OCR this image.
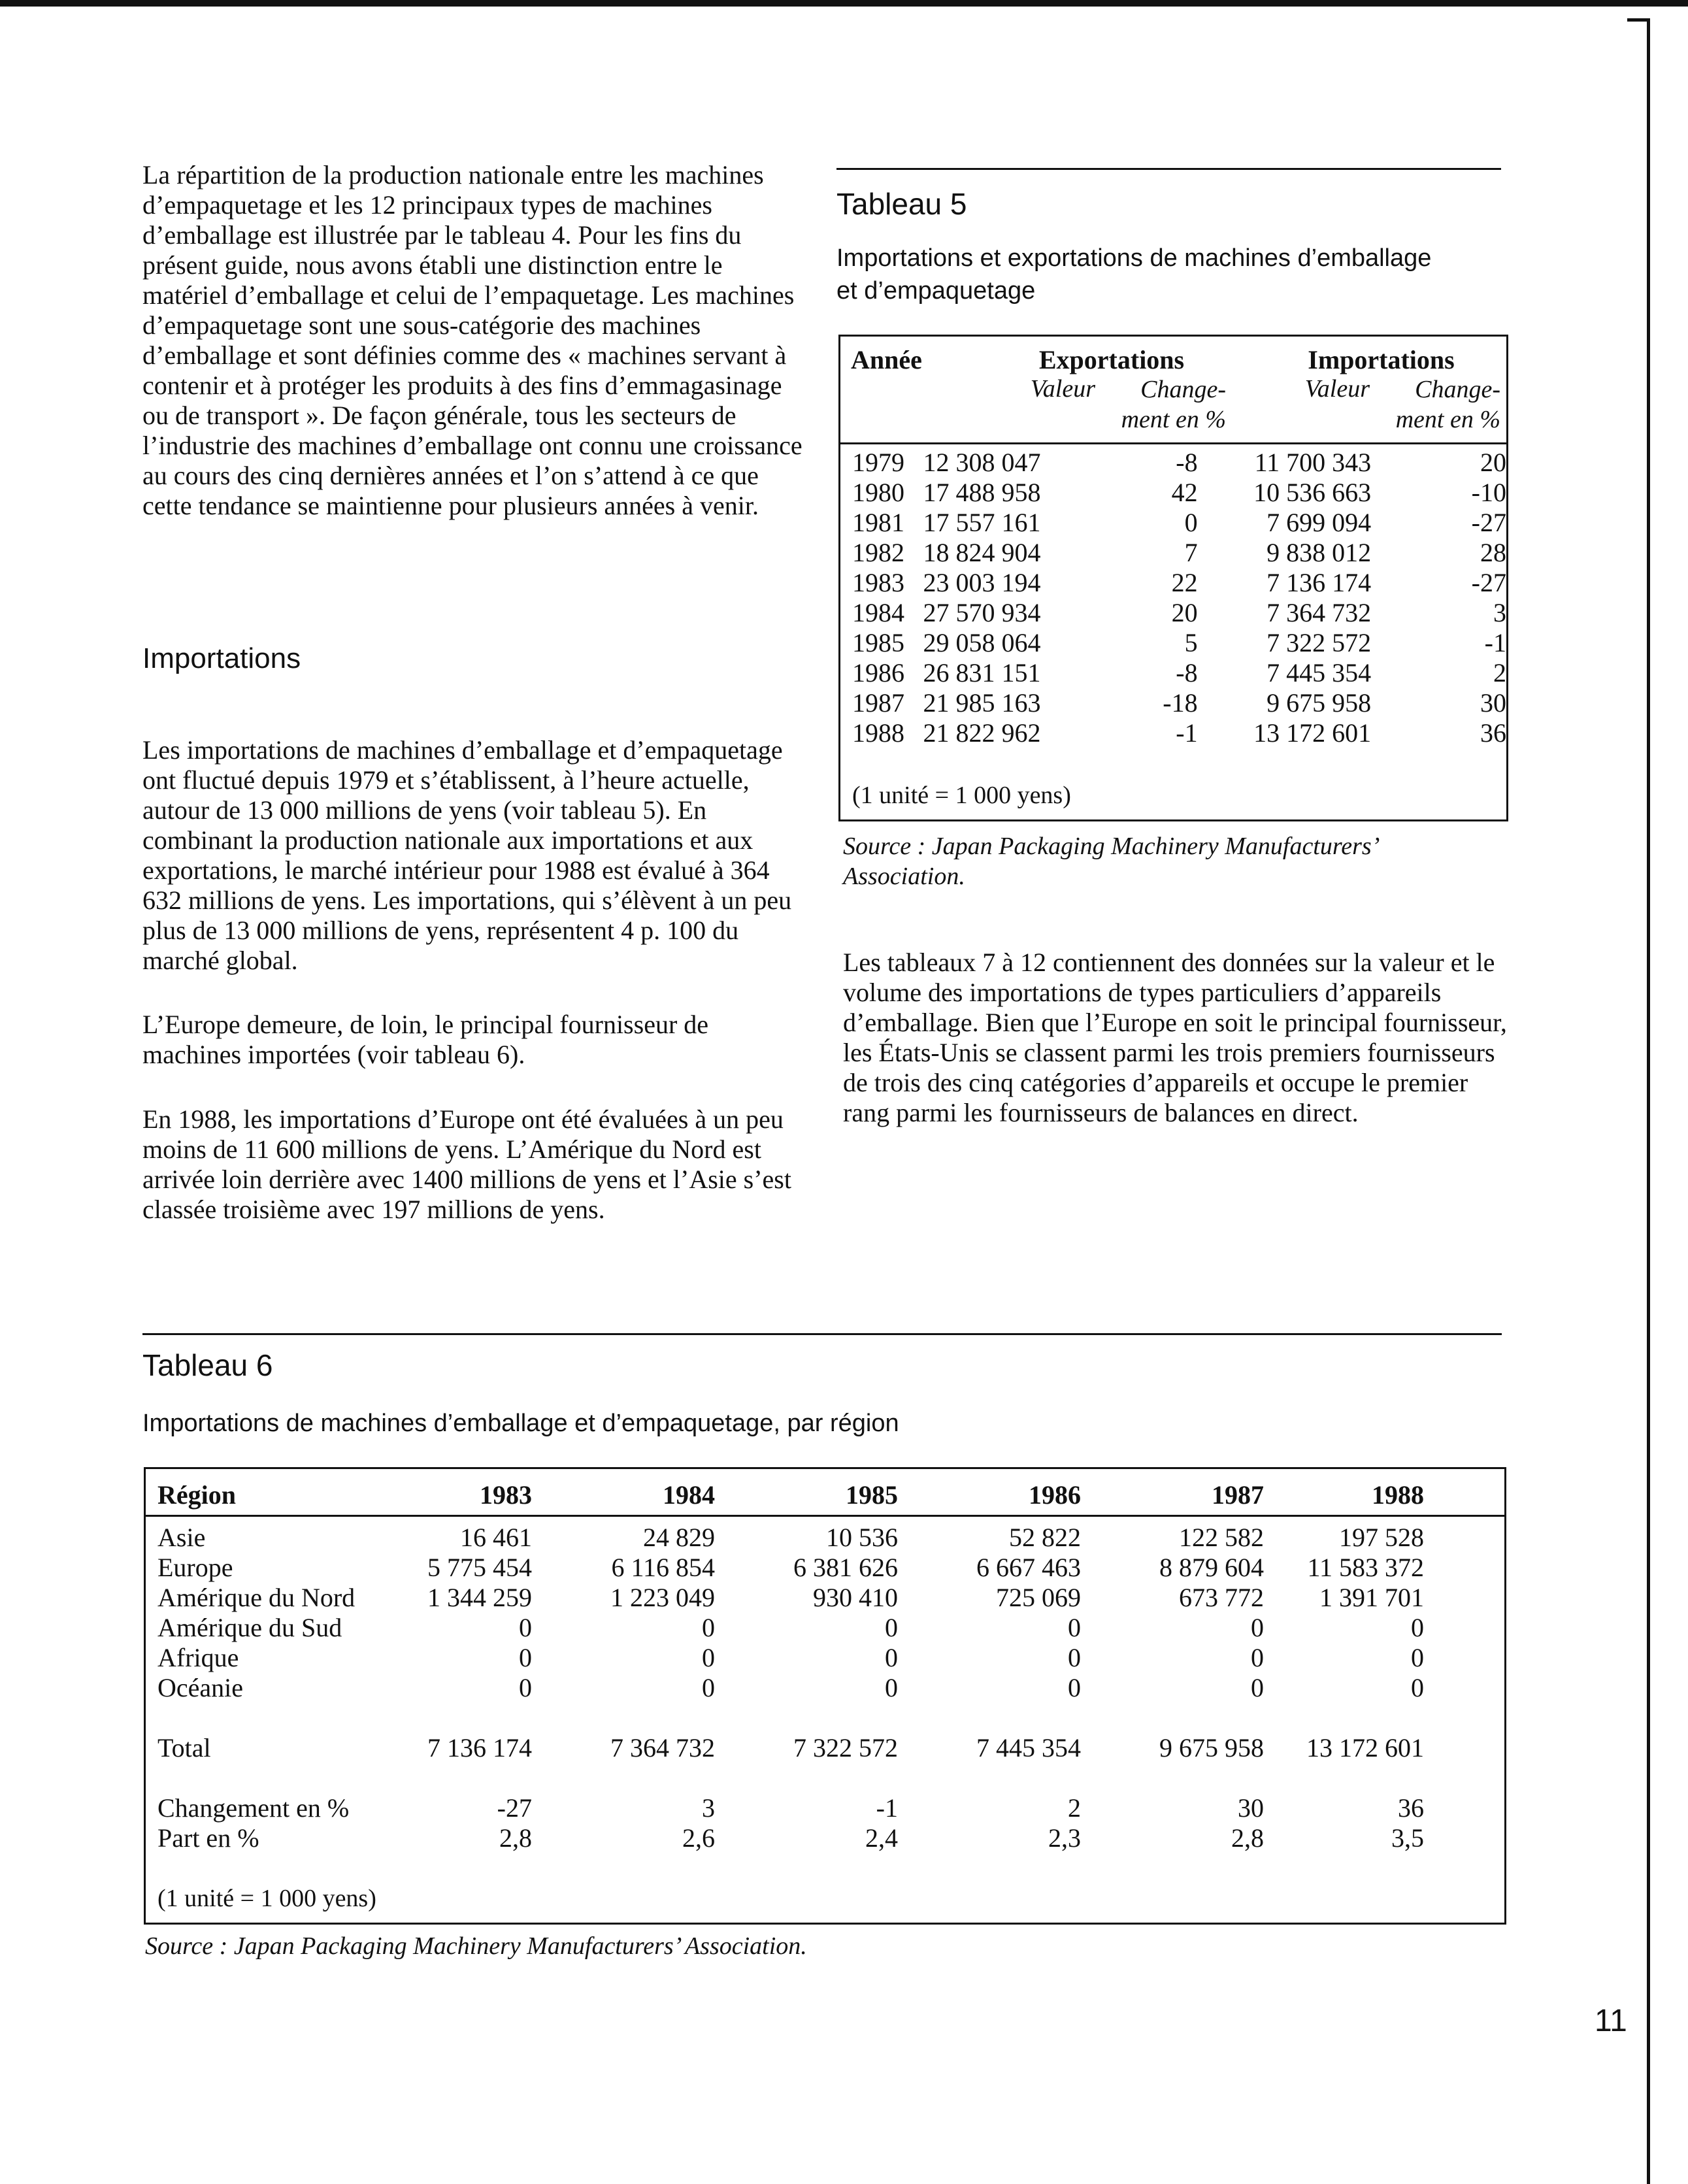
La répartition de la production nationale entre les machines d’empaquetage et les 12 principaux types de machines d’emballage est illustrée par le tableau 4. Pour les fins du présent guide, nous avons établi une distinction entre le matériel d’emballage et celui de l’empaquetage. Les machines d’empaquetage sont une sous-catégorie des machines d’emballage et sont définies comme des « machines servant à contenir et à protéger les produits à des fins d’emmagasinage ou de transport ». De façon générale, tous les secteurs de l’industrie des machines d’emballage ont connu une croissance au cours des cinq dernières années et l’on s’attend à ce que cette tendance se maintienne pour plusieurs années à venir.

Importations

Les importations de machines d’emballage et d’empaquetage ont fluctué depuis 1979 et s’établissent, à l’heure actuelle, autour de 13 000 millions de yens (voir tableau 5). En combinant la production nationale aux importations et aux exportations, le marché intérieur pour 1988 est évalué à 364 632 millions de yens. Les importations, qui s’élèvent à un peu plus de 13 000 millions de yens, représentent 4 p. 100 du marché global.

L’Europe demeure, de loin, le principal fournisseur de machines importées (voir tableau 6).

En 1988, les importations d’Europe ont été évaluées à un peu moins de 11 600 millions de yens. L’Amérique du Nord est arrivée loin derrière avec 1400 millions de yens et l’Asie s’est classée troisième avec 197 millions de yens.

Tableau 5
Importations et exportations de machines d’emballage
et d’empaquetage
Année	Exportations	Importations
Valeur	Change-
ment en %
Valeur	Change-
ment en %
1979	12 308 047	-8	11 700 343	20
1980	17 488 958	42	10 536 663	-10
1981	17 557 161	0	7 699 094	-27
1982	18 824 904	7	9 838 012	28
1983	23 003 194	22	7 136 174	-27
1984	27 570 934	20	7 364 732	3
1985	29 058 064	5	7 322 572	-1
1986	26 831 151	-8	7 445 354	2
1987	21 985 163	-18	9 675 958	30
1988	21 822 962	-1	13 172 601	36
(1 unité = 1 000 yens)
Source : Japan Packaging Machinery Manufacturers’
Association.

Les tableaux 7 à 12 contiennent des données sur la valeur et le volume des importations de types particuliers d’appareils d’emballage. Bien que l’Europe en soit le principal fournisseur, les États-Unis se classent parmi les trois premiers fournisseurs de trois des cinq catégories d’appareils et occupe le premier rang parmi les fournisseurs de balances en direct.

Tableau 6
Importations de machines d’emballage et d’empaquetage, par région
Région	1983	1984	1985	1986	1987	1988
Asie	16 461	24 829	10 536	52 822	122 582	197 528
Europe	5 775 454	6 116 854	6 381 626	6 667 463	8 879 604	11 583 372
Amérique du Nord	1 344 259	1 223 049	930 410	725 069	673 772	1 391 701
Amérique du Sud	0	0	0	0	0	0
Afrique	0	0	0	0	0	0
Océanie	0	0	0	0	0	0
Total	7 136 174	7 364 732	7 322 572	7 445 354	9 675 958	13 172 601
Changement en %	-27	3	-1	2	30	36
Part en %	2,8	2,6	2,4	2,3	2,8	3,5
(1 unité = 1 000 yens)
Source : Japan Packaging Machinery Manufacturers’ Association.
11
